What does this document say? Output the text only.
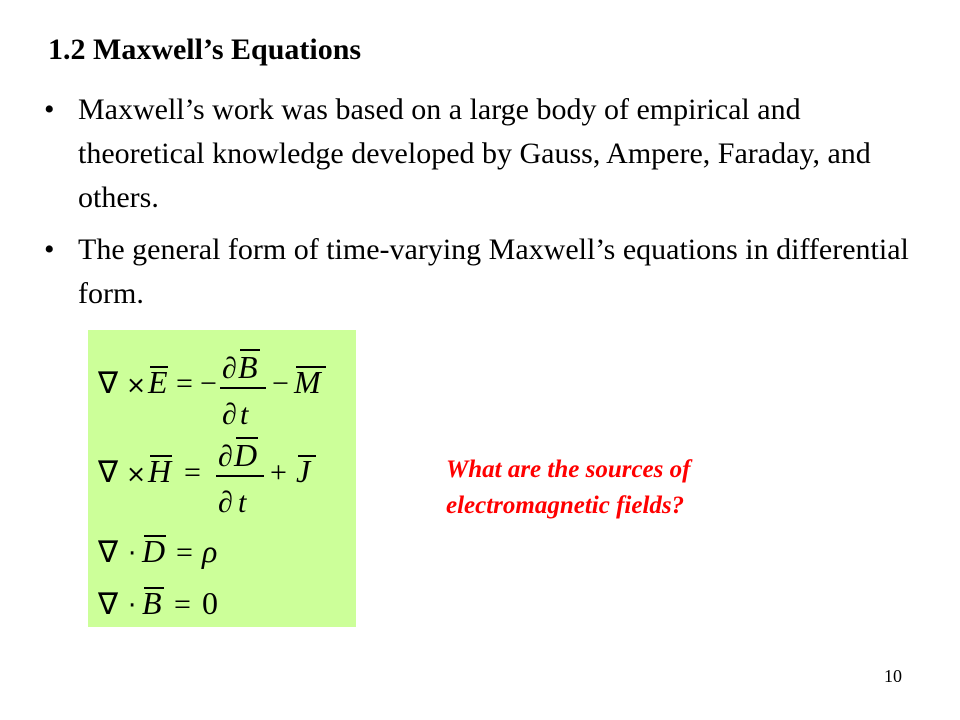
1.2 Maxwell’s Equations
• Maxwell’s work was based on a large body of empirical and theoretical knowledge developed by Gauss, Ampere, Faraday, and others.
• The general form of time-varying Maxwell’s equations in differential form.
∇ × E = − ∂ B
∂ t
− M
∇ × H = ∂ D
∂ t
+ J
∇ · D = ρ
∇ · B = 0
What are the sources of
electromagnetic fields?
10
